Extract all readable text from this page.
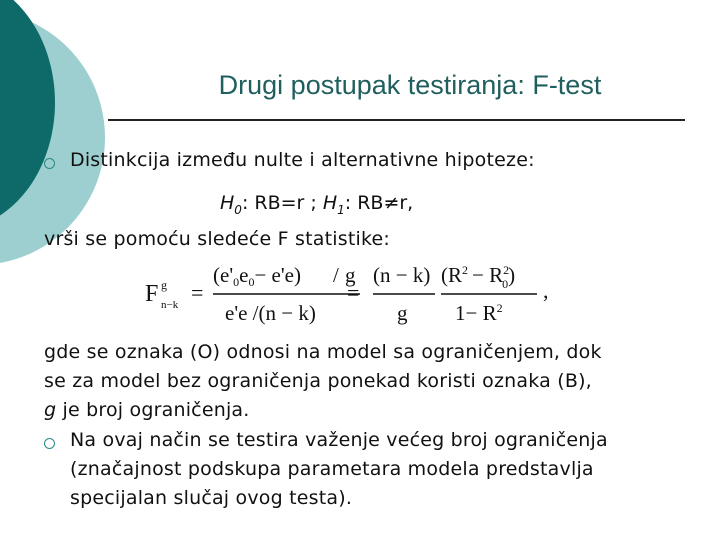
Drugi postupak testiranja: F-test
Distinkcija između nulte i alternativne hipoteze:
$H_0$: RB=r ; $H_1$: RB≠r,
vrši se pomoću sledeće F statistike:
F g
n−k =
(e'0e0− e'e) / g
e'e /(n − k)
=
(n − k)
g
($R^2 - R^2$ 0)
$1- R^2$
,
gde se oznaka (O) odnosi na model sa ograničenjem, dok
se za model bez ograničenja ponekad koristi oznaka (B),
g je broj ograničenja.
Na ovaj način se testira važenje većeg broj ograničenja
(značajnost podskupa parametara modela predstavlja
specijalan slučaj ovog testa).
